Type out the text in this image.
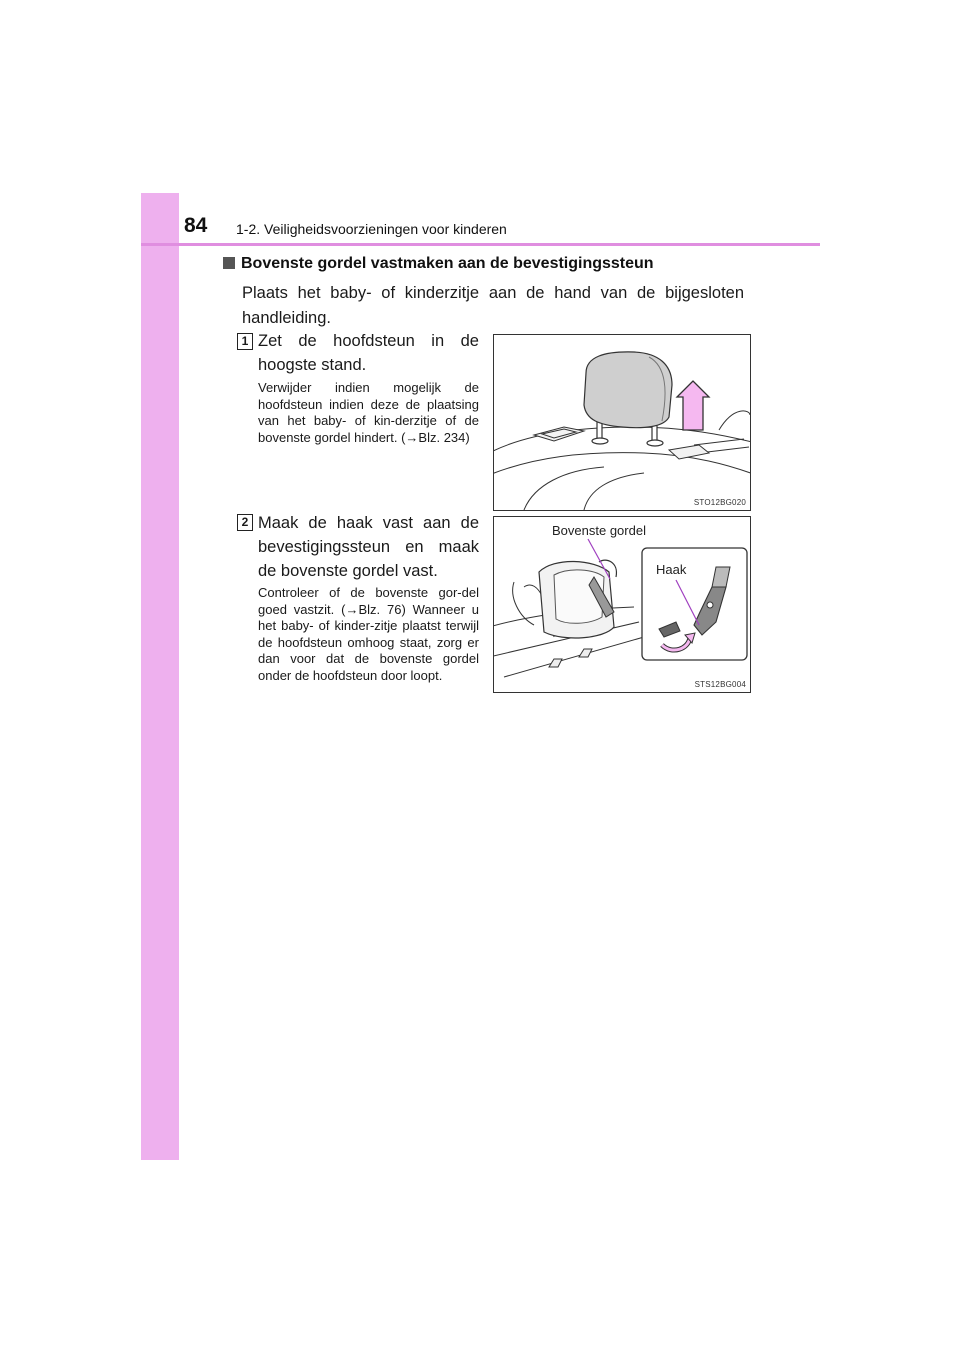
84 1-2. Veiligheidsvoorzieningen voor kinderen
Bovenste gordel vastmaken aan de bevestigingssteun
Plaats het baby- of kinderzitje aan de hand van de bijgesloten handleiding.
1 Zet de hoofdsteun in de hoogste stand.
Verwijder indien mogelijk de hoofdsteun indien deze de plaatsing van het baby- of kin-derzitje of de bovenste gordel hindert. (→Blz. 234)
STO12BG020
2 Maak de haak vast aan de bevestigingssteun en maak de bovenste gordel vast.
Controleer of de bovenste gor-del goed vastzit. (→Blz. 76) Wanneer u het baby- of kinder-zitje plaatst terwijl de hoofdsteun omhoog staat, zorg er dan voor dat de bovenste gordel onder de hoofdsteun door loopt.
Bovenste gordel
Haak
STS12BG004
